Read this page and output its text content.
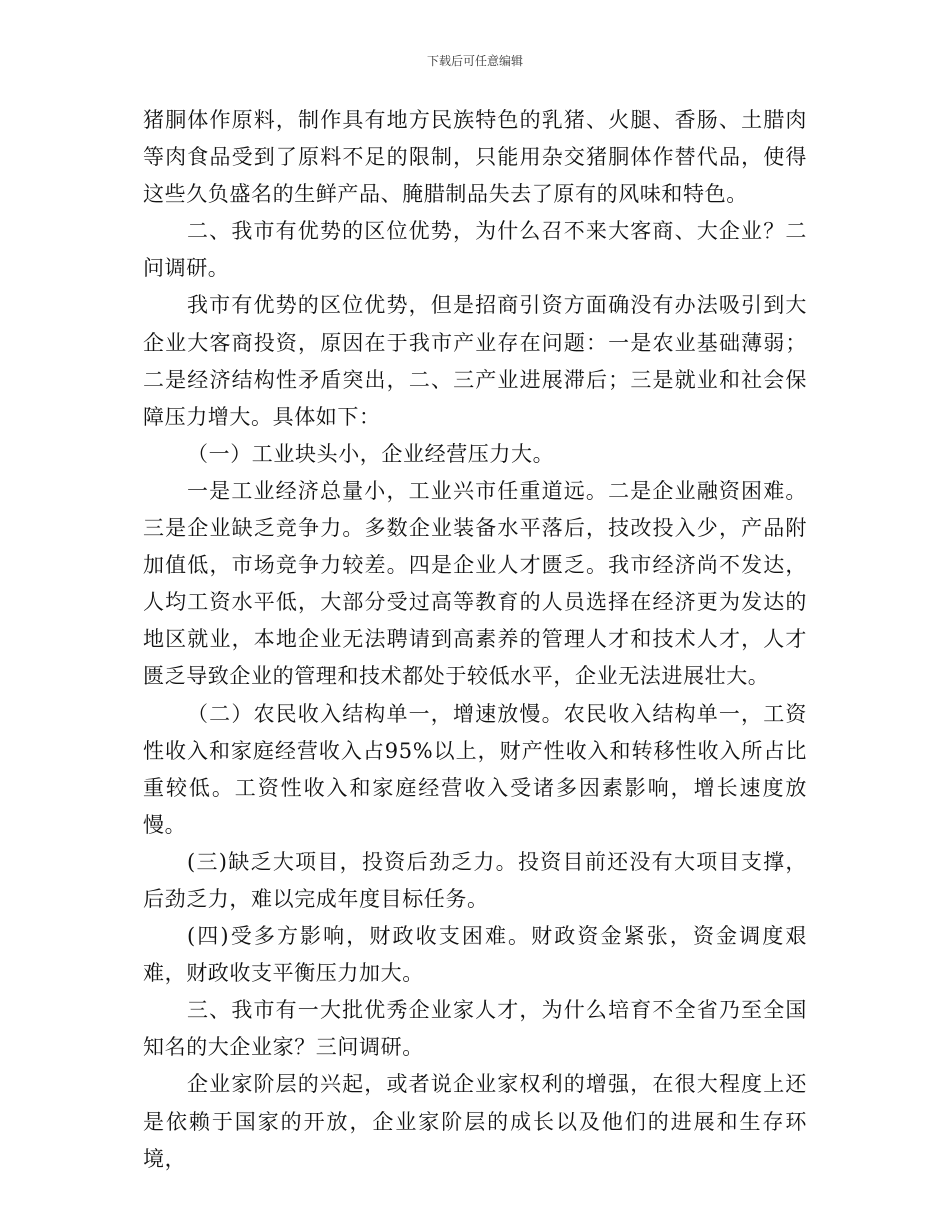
下载后可任意编辑

猪胴体作原料，制作具有地方民族特色的乳猪、火腿、香肠、土腊肉等肉食品受到了原料不足的限制，只能用杂交猪胴体作替代品，使得这些久负盛名的生鲜产品、腌腊制品失去了原有的风味和特色。

二、我市有优势的区位优势，为什么召不来大客商、大企业？二问调研。

我市有优势的区位优势，但是招商引资方面确没有办法吸引到大企业大客商投资，原因在于我市产业存在问题：一是农业基础薄弱；二是经济结构性矛盾突出，二、三产业进展滞后；三是就业和社会保障压力增大。具体如下：

（一）工业块头小，企业经营压力大。

一是工业经济总量小，工业兴市任重道远。二是企业融资困难。三是企业缺乏竞争力。多数企业装备水平落后，技改投入少，产品附加值低，市场竞争力较差。四是企业人才匮乏。我市经济尚不发达，人均工资水平低，大部分受过高等教育的人员选择在经济更为发达的地区就业，本地企业无法聘请到高素养的管理人才和技术人才，人才匮乏导致企业的管理和技术都处于较低水平，企业无法进展壮大。

（二）农民收入结构单一，增速放慢。农民收入结构单一，工资性收入和家庭经营收入占95%以上，财产性收入和转移性收入所占比重较低。工资性收入和家庭经营收入受诸多因素影响，增长速度放慢。

(三)缺乏大项目，投资后劲乏力。投资目前还没有大项目支撑，后劲乏力，难以完成年度目标任务。

(四)受多方影响，财政收支困难。财政资金紧张，资金调度艰难，财政收支平衡压力加大。

三、我市有一大批优秀企业家人才，为什么培育不全省乃至全国知名的大企业家？三问调研。

企业家阶层的兴起，或者说企业家权利的增强，在很大程度上还是依赖于国家的开放，企业家阶层的成长以及他们的进展和生存环境，
